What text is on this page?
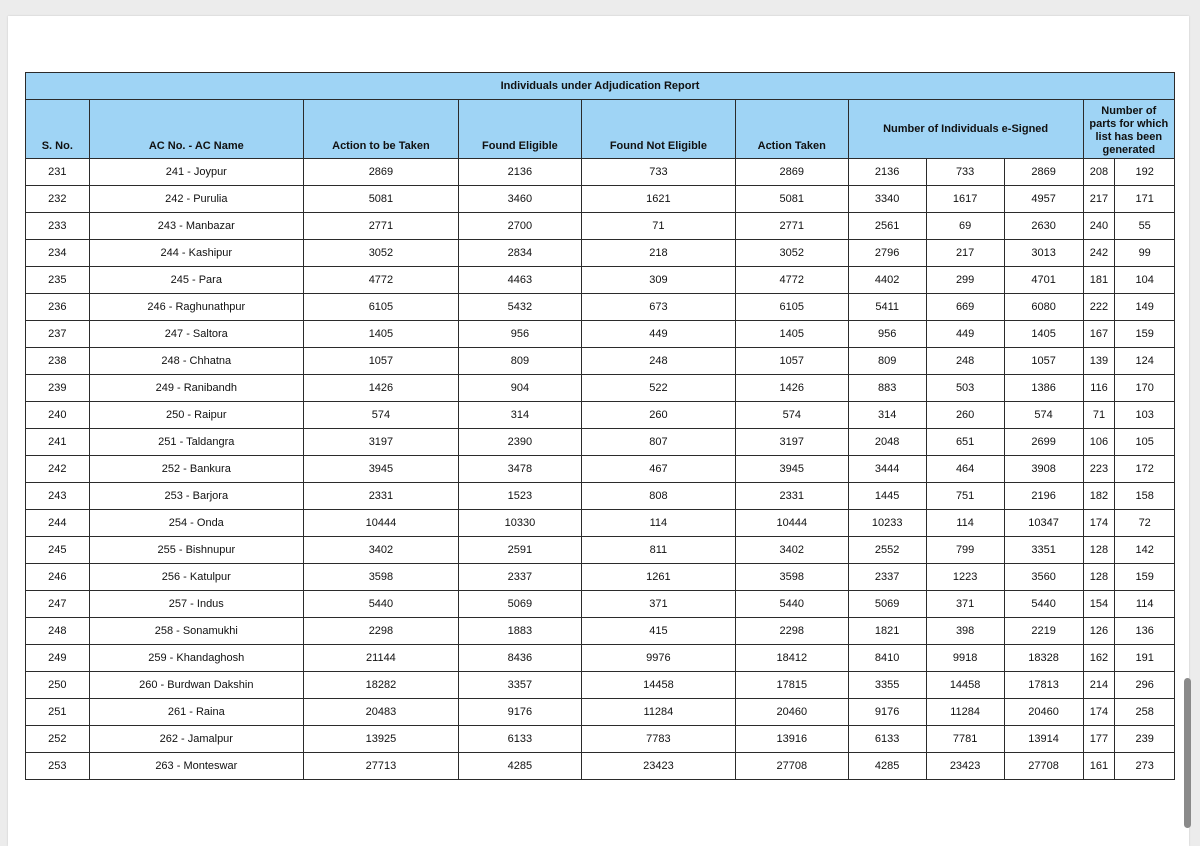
Individuals under Adjudication Report										
S. No.	AC No. - AC Name	Action to be Taken	Found Eligible	Found Not Eligible	Action Taken	Number of Individuals e-Signed			Number of parts for which list has been generated	
231	241 - Joypur	2869	2136	733	2869	2136	733	2869	208	192
232	242 - Purulia	5081	3460	1621	5081	3340	1617	4957	217	171
233	243 - Manbazar	2771	2700	71	2771	2561	69	2630	240	55
234	244 - Kashipur	3052	2834	218	3052	2796	217	3013	242	99
235	245 - Para	4772	4463	309	4772	4402	299	4701	181	104
236	246 - Raghunathpur	6105	5432	673	6105	5411	669	6080	222	149
237	247 - Saltora	1405	956	449	1405	956	449	1405	167	159
238	248 - Chhatna	1057	809	248	1057	809	248	1057	139	124
239	249 - Ranibandh	1426	904	522	1426	883	503	1386	116	170
240	250 - Raipur	574	314	260	574	314	260	574	71	103
241	251 - Taldangra	3197	2390	807	3197	2048	651	2699	106	105
242	252 - Bankura	3945	3478	467	3945	3444	464	3908	223	172
243	253 - Barjora	2331	1523	808	2331	1445	751	2196	182	158
244	254 - Onda	10444	10330	114	10444	10233	114	10347	174	72
245	255 - Bishnupur	3402	2591	811	3402	2552	799	3351	128	142
246	256 - Katulpur	3598	2337	1261	3598	2337	1223	3560	128	159
247	257 - Indus	5440	5069	371	5440	5069	371	5440	154	114
248	258 - Sonamukhi	2298	1883	415	2298	1821	398	2219	126	136
249	259 - Khandaghosh	21144	8436	9976	18412	8410	9918	18328	162	191
250	260 - Burdwan Dakshin	18282	3357	14458	17815	3355	14458	17813	214	296
251	261 - Raina	20483	9176	11284	20460	9176	11284	20460	174	258
252	262 - Jamalpur	13925	6133	7783	13916	6133	7781	13914	177	239
253	263 - Monteswar	27713	4285	23423	27708	4285	23423	27708	161	273
